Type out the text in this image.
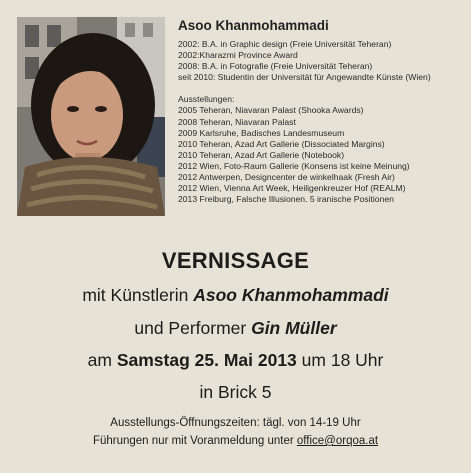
Asoo Khanmohammadi
2002: B.A. in Graphic design (Freie Universität Teheran)
2002:Kharazmi Province Award
2008: B.A. in Fotografie (Freie Universität Teheran)
seit 2010: Studentin der Universität für Angewandte Künste (Wien)
Ausstellungen:
2005 Teheran, Niavaran Palast (Shooka Awards)
2008 Teheran, Niavaran Palast
2009 Karlsruhe, Badisches Landesmuseum
2010 Teheran, Azad Art Gallerie (Dissociated Margins)
2010 Teheran, Azad Art Gallerie (Notebook)
2012 Wien, Foto-Raum Gallerie (Konsens ist keine Meinung)
2012 Antwerpen, Designcenter de winkelhaak (Fresh Air)
2012 Wien, Vienna Art Week, Heiligenkreuzer Hof (REALM)
2013 Freiburg, Falsche Illusionen. 5 iranische Positionen
VERNISSAGE
mit Künstlerin Asoo Khanmohammadi
und Performer Gin Müller
am Samstag 25. Mai 2013 um 18 Uhr
in Brick 5
Ausstellungs-Öffnungszeiten: tägl. von 14-19 Uhr
Führungen nur mit Voranmeldung unter office@orqoa.at
